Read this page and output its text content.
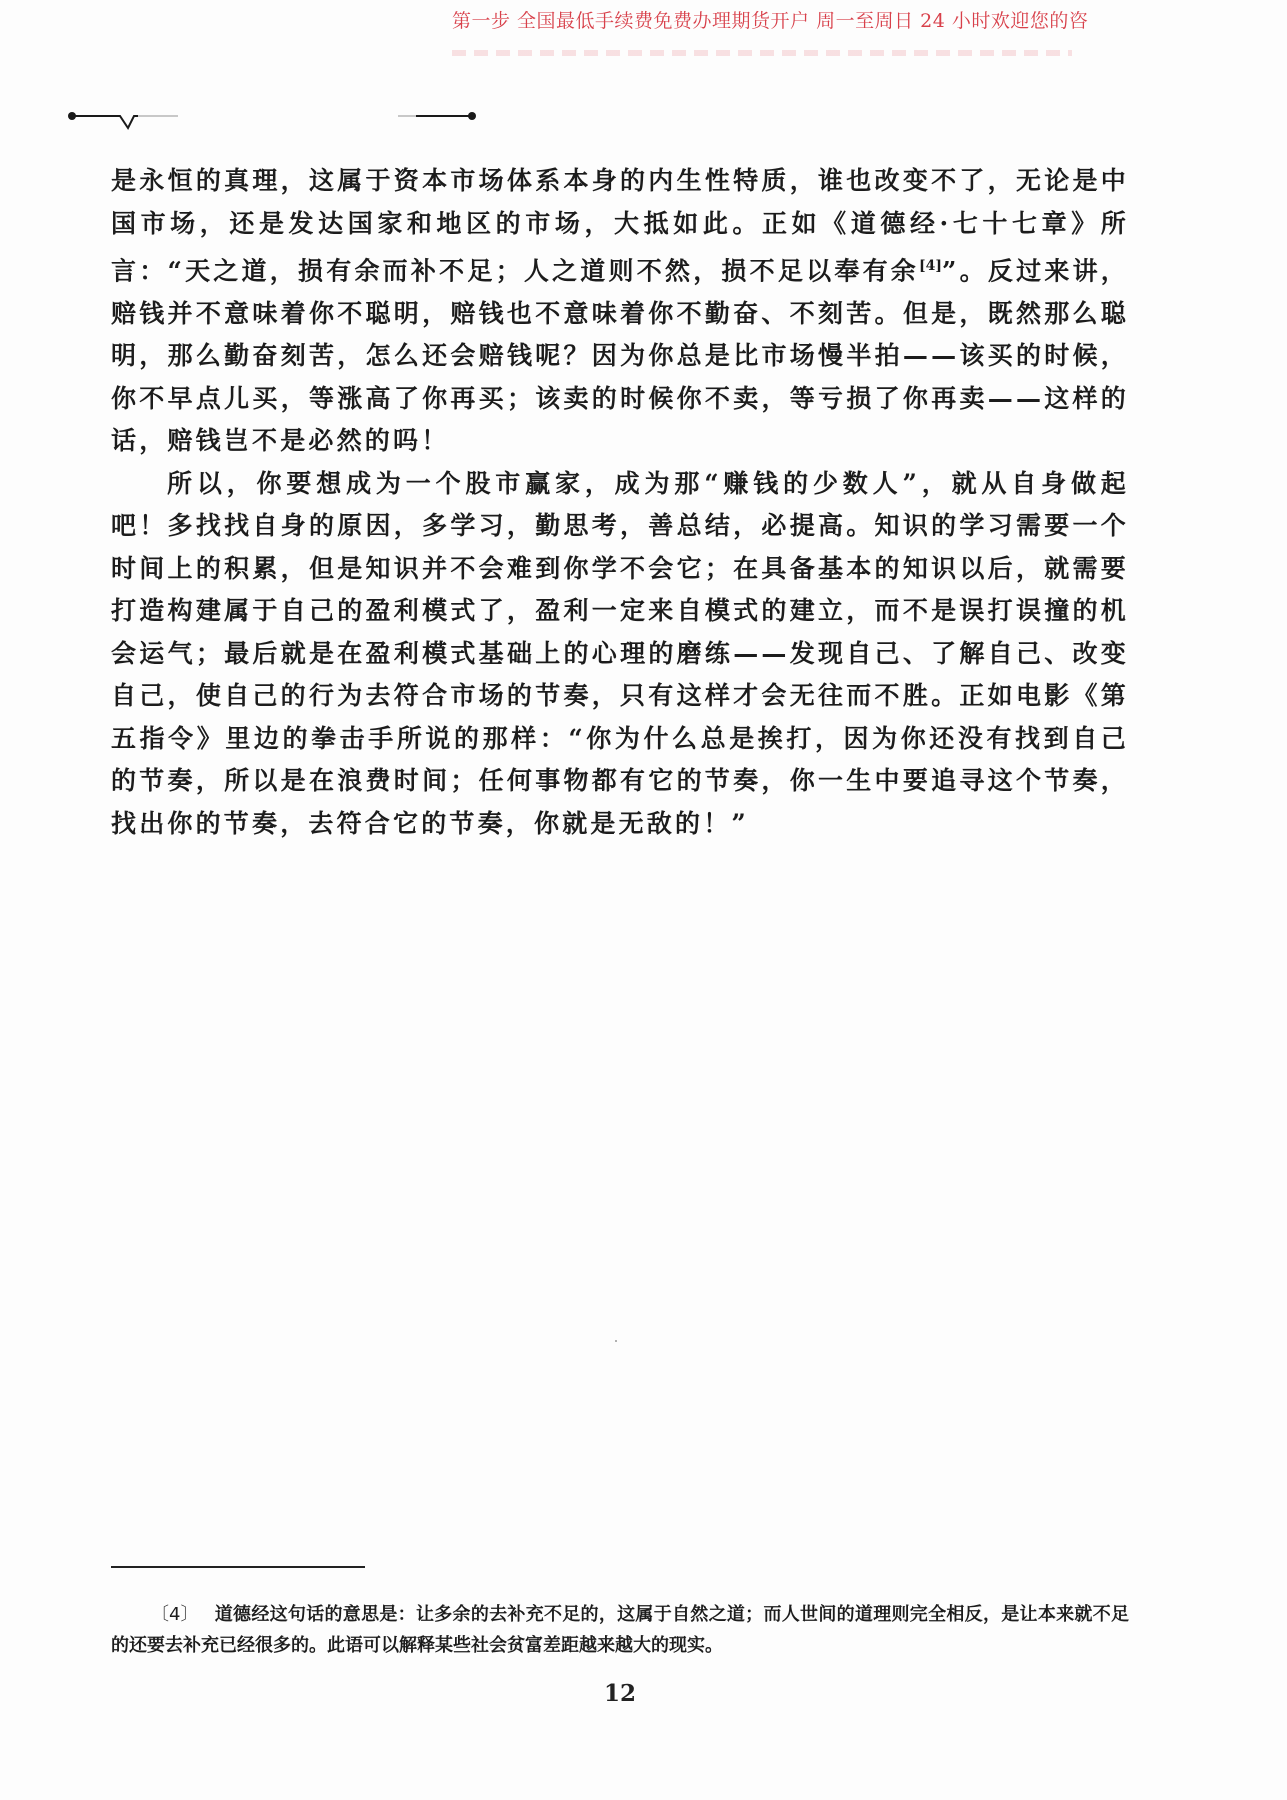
第一步 全国最低手续费免费办理期货开户 周一至周日 24 小时欢迎您的咨

是永恒的真理，这属于资本市场体系本身的内生性特质，谁也改变不了，无论是中国市场，还是发达国家和地区的市场，大抵如此。正如《道德经·七十七章》所言：“天之道，损有余而补不足；人之道则不然，损不足以奉有余[4]”。反过来讲，赔钱并不意味着你不聪明，赔钱也不意味着你不勤奋、不刻苦。但是，既然那么聪明，那么勤奋刻苦，怎么还会赔钱呢？因为你总是比市场慢半拍——该买的时候，你不早点儿买，等涨高了你再买；该卖的时候你不卖，等亏损了你再卖——这样的话，赔钱岂不是必然的吗！

所以，你要想成为一个股市赢家，成为那“赚钱的少数人”，就从自身做起吧！多找找自身的原因，多学习，勤思考，善总结，必提高。知识的学习需要一个时间上的积累，但是知识并不会难到你学不会它；在具备基本的知识以后，就需要打造构建属于自己的盈利模式了，盈利一定来自模式的建立，而不是误打误撞的机会运气；最后就是在盈利模式基础上的心理的磨练——发现自己、了解自己、改变自己，使自己的行为去符合市场的节奏，只有这样才会无往而不胜。正如电影《第五指令》里边的拳击手所说的那样：“你为什么总是挨打，因为你还没有找到自己的节奏，所以是在浪费时间；任何事物都有它的节奏，你一生中要追寻这个节奏，找出你的节奏，去符合它的节奏，你就是无敌的！”

〔4〕 道德经这句话的意思是：让多余的去补充不足的，这属于自然之道；而人世间的道理则完全相反，是让本来就不足的还要去补充已经很多的。此语可以解释某些社会贫富差距越来越大的现实。
12
